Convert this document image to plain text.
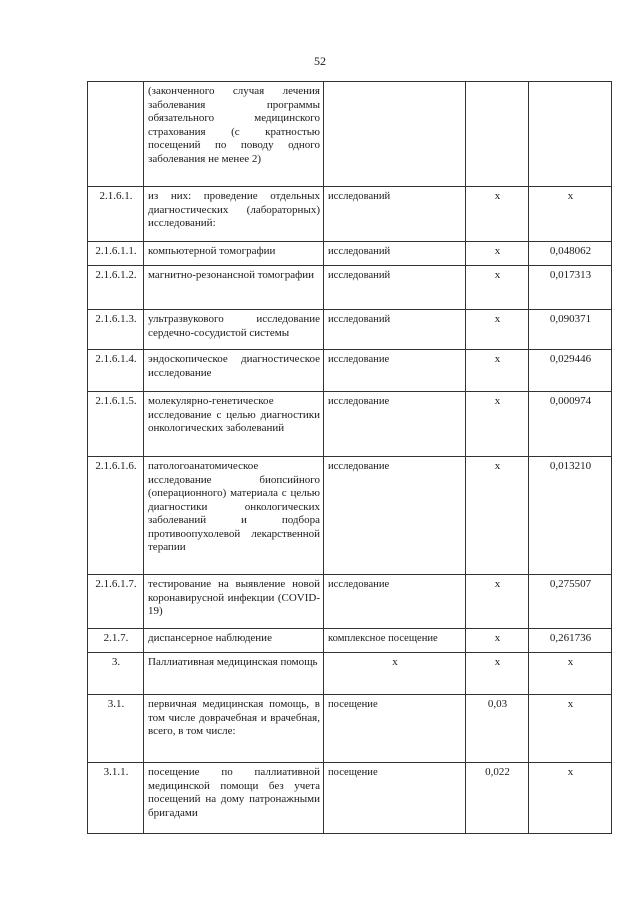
52
	(законченного случая лечения заболевания программы обязательного медицинского страхования (с кратностью посещений по поводу одного заболевания не менее 2)			
2.1.6.1.	из них: проведение отдельных диагностических (лабораторных) исследований:	исследований	х	х
2.1.6.1.1.	компьютерной томографии	исследований	х	0,048062
2.1.6.1.2.	магнитно-резонансной томографии	исследований	х	0,017313
2.1.6.1.3.	ультразвукового исследование сердечно-сосудистой системы	исследований	х	0,090371
2.1.6.1.4.	эндоскопическое диагностическое исследование	исследование	х	0,029446
2.1.6.1.5.	молекулярно-генетическое исследование с целью диагностики онкологических заболеваний	исследование	х	0,000974
2.1.6.1.6.	патологоанатомическое исследование биопсийного (операционного) материала с целью диагностики онкологических заболеваний и подбора противоопухолевой лекарственной терапии	исследование	х	0,013210
2.1.6.1.7.	тестирование на выявление новой коронавирусной инфекции (COVID-19)	исследование	х	0,275507
2.1.7.	диспансерное наблюдение	комплексное посещение	х	0,261736
3.	Паллиативная медицинская помощь	х	х	х
3.1.	первичная медицинская помощь, в том числе доврачебная и врачебная, всего, в том числе:	посещение	0,03	х
3.1.1.	посещение по паллиативной медицинской помощи без учета посещений на дому патронажными бригадами	посещение	0,022	х
